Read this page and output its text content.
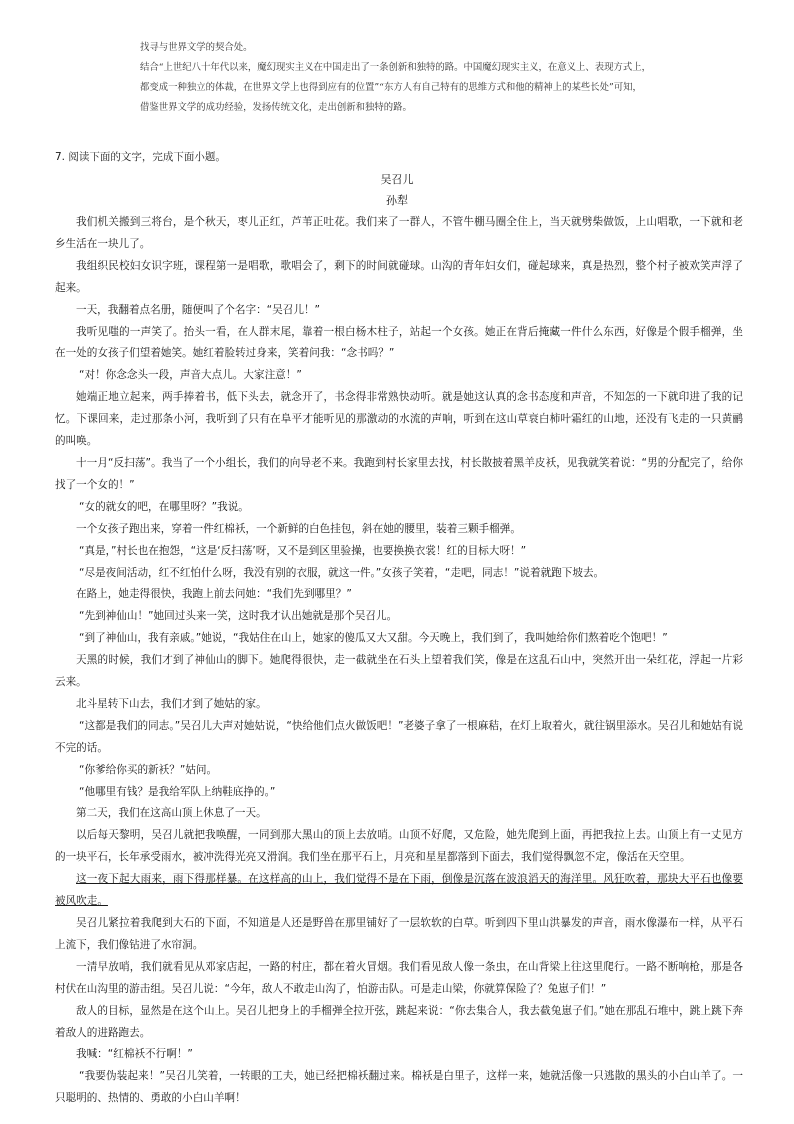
找寻与世界文学的契合处。

结合“上世纪八十年代以来，魔幻现实主义在中国走出了一条创新和独特的路。中国魔幻现实主义，在意义上、表现方式上，

都变成一种独立的体裁，在世界文学上也得到应有的位置”“东方人有自己特有的思维方式和他的精神上的某些长处”可知，

借鉴世界文学的成功经验，发扬传统文化，走出创新和独特的路。

7. 阅读下面的文字，完成下面小题。
吴召儿
孙犁

我们机关搬到三将台，是个秋天，枣儿正红，芦苇正吐花。我们来了一群人，不管牛棚马圈全住上，当天就劈柴做饭，上山唱歌，一下就和老乡生活在一块儿了。

我组织民校妇女识字班，课程第一是唱歌，歌唱会了，剩下的时间就碰球。山沟的青年妇女们，碰起球来，真是热烈，整个村子被欢笑声浮了起来。

一天，我翻着点名册，随便叫了个名字：“吴召儿！”

我听见嗤的一声笑了。抬头一看，在人群末尾，靠着一根白杨木柱子，站起一个女孩。她正在背后掩藏一件什么东西，好像是个假手榴弹，坐在一处的女孩子们望着她笑。她红着脸转过身来，笑着问我：“念书吗？”

“对！你念念头一段，声音大点儿。大家注意！”

她端正地立起来，两手捧着书，低下头去，就念开了，书念得非常熟快动听。就是她这认真的念书态度和声音，不知怎的一下就印进了我的记忆。下课回来，走过那条小河，我听到了只有在阜平才能听见的那激动的水流的声响，听到在这山草衰白柿叶霜红的山地，还没有飞走的一只黄鹂的叫唤。

十一月“反扫荡”。我当了一个小组长，我们的向导老不来。我跑到村长家里去找，村长散披着黑羊皮袄，见我就笑着说：“男的分配完了，给你找了一个女的！”

“女的就女的吧，在哪里呀？”我说。

一个女孩子跑出来，穿着一件红棉袄，一个新鲜的白色挂包，斜在她的腰里，装着三颗手榴弹。

“真是，”村长也在抱怨，“这是‘反扫荡’呀，又不是到区里验操，也要换换衣裳！红的目标大呀！”

“尽是夜间活动，红不红怕什么呀，我没有别的衣服，就这一件。”女孩子笑着，“走吧，同志！”说着就跑下坡去。

在路上，她走得很快，我跑上前去问她：“我们先到哪里？”

“先到神仙山！”她回过头来一笑，这时我才认出她就是那个吴召儿。

“到了神仙山，我有亲戚。”她说，“我姑住在山上，她家的傻瓜又大又甜。今天晚上，我们到了，我叫她给你们熬着吃个饱吧！”

天黑的时候，我们才到了神仙山的脚下。她爬得很快，走一截就坐在石头上望着我们笑，像是在这乱石山中，突然开出一朵红花，浮起一片彩云来。

北斗星转下山去，我们才到了她姑的家。

“这都是我们的同志。”吴召儿大声对她姑说，“快给他们点火做饭吧！”老婆子拿了一根麻秸，在灯上取着火，就往锅里添水。吴召儿和她姑有说不完的话。

“你爹给你买的新袄？”姑问。

“他哪里有钱？是我给军队上纳鞋底挣的。”

第二天，我们在这高山顶上休息了一天。

以后每天黎明，吴召儿就把我唤醒，一同到那大黑山的顶上去放哨。山顶不好爬，又危险，她先爬到上面，再把我拉上去。山顶上有一丈见方的一块平石，长年承受雨水，被冲洗得光亮又滑润。我们坐在那平石上，月亮和星星都落到下面去，我们觉得飘忽不定，像活在天空里。

这一夜下起大雨来，雨下得那样暴。在这样高的山上，我们觉得不是在下雨，倒像是沉落在波浪滔天的海洋里。风狂吹着，那块大平石也像要被风吹走。

吴召儿紧拉着我爬到大石的下面，不知道是人还是野兽在那里铺好了一层软软的白草。听到四下里山洪暴发的声音，雨水像瀑布一样，从平石上流下，我们像钻进了水帘洞。

一清早放哨，我们就看见从邓家店起，一路的村庄，都在着火冒烟。我们看见敌人像一条虫，在山背梁上往这里爬行。一路不断响枪，那是各村伏在山沟里的游击组。吴召儿说：“今年，敌人不敢走山沟了，怕游击队。可是走山梁，你就算保险了？兔崽子们！”

敌人的目标，显然是在这个山上。吴召儿把身上的手榴弹全拉开弦，跳起来说：“你去集合人，我去截兔崽子们。”她在那乱石堆中，跳上跳下奔着敌人的进路跑去。

我喊：“红棉袄不行啊！”

“我要伪装起来！”吴召儿笑着，一转眼的工夫，她已经把棉袄翻过来。棉袄是白里子，这样一来，她就活像一只逃散的黑头的小白山羊了。一只聪明的、热情的、勇敢的小白山羊啊！
